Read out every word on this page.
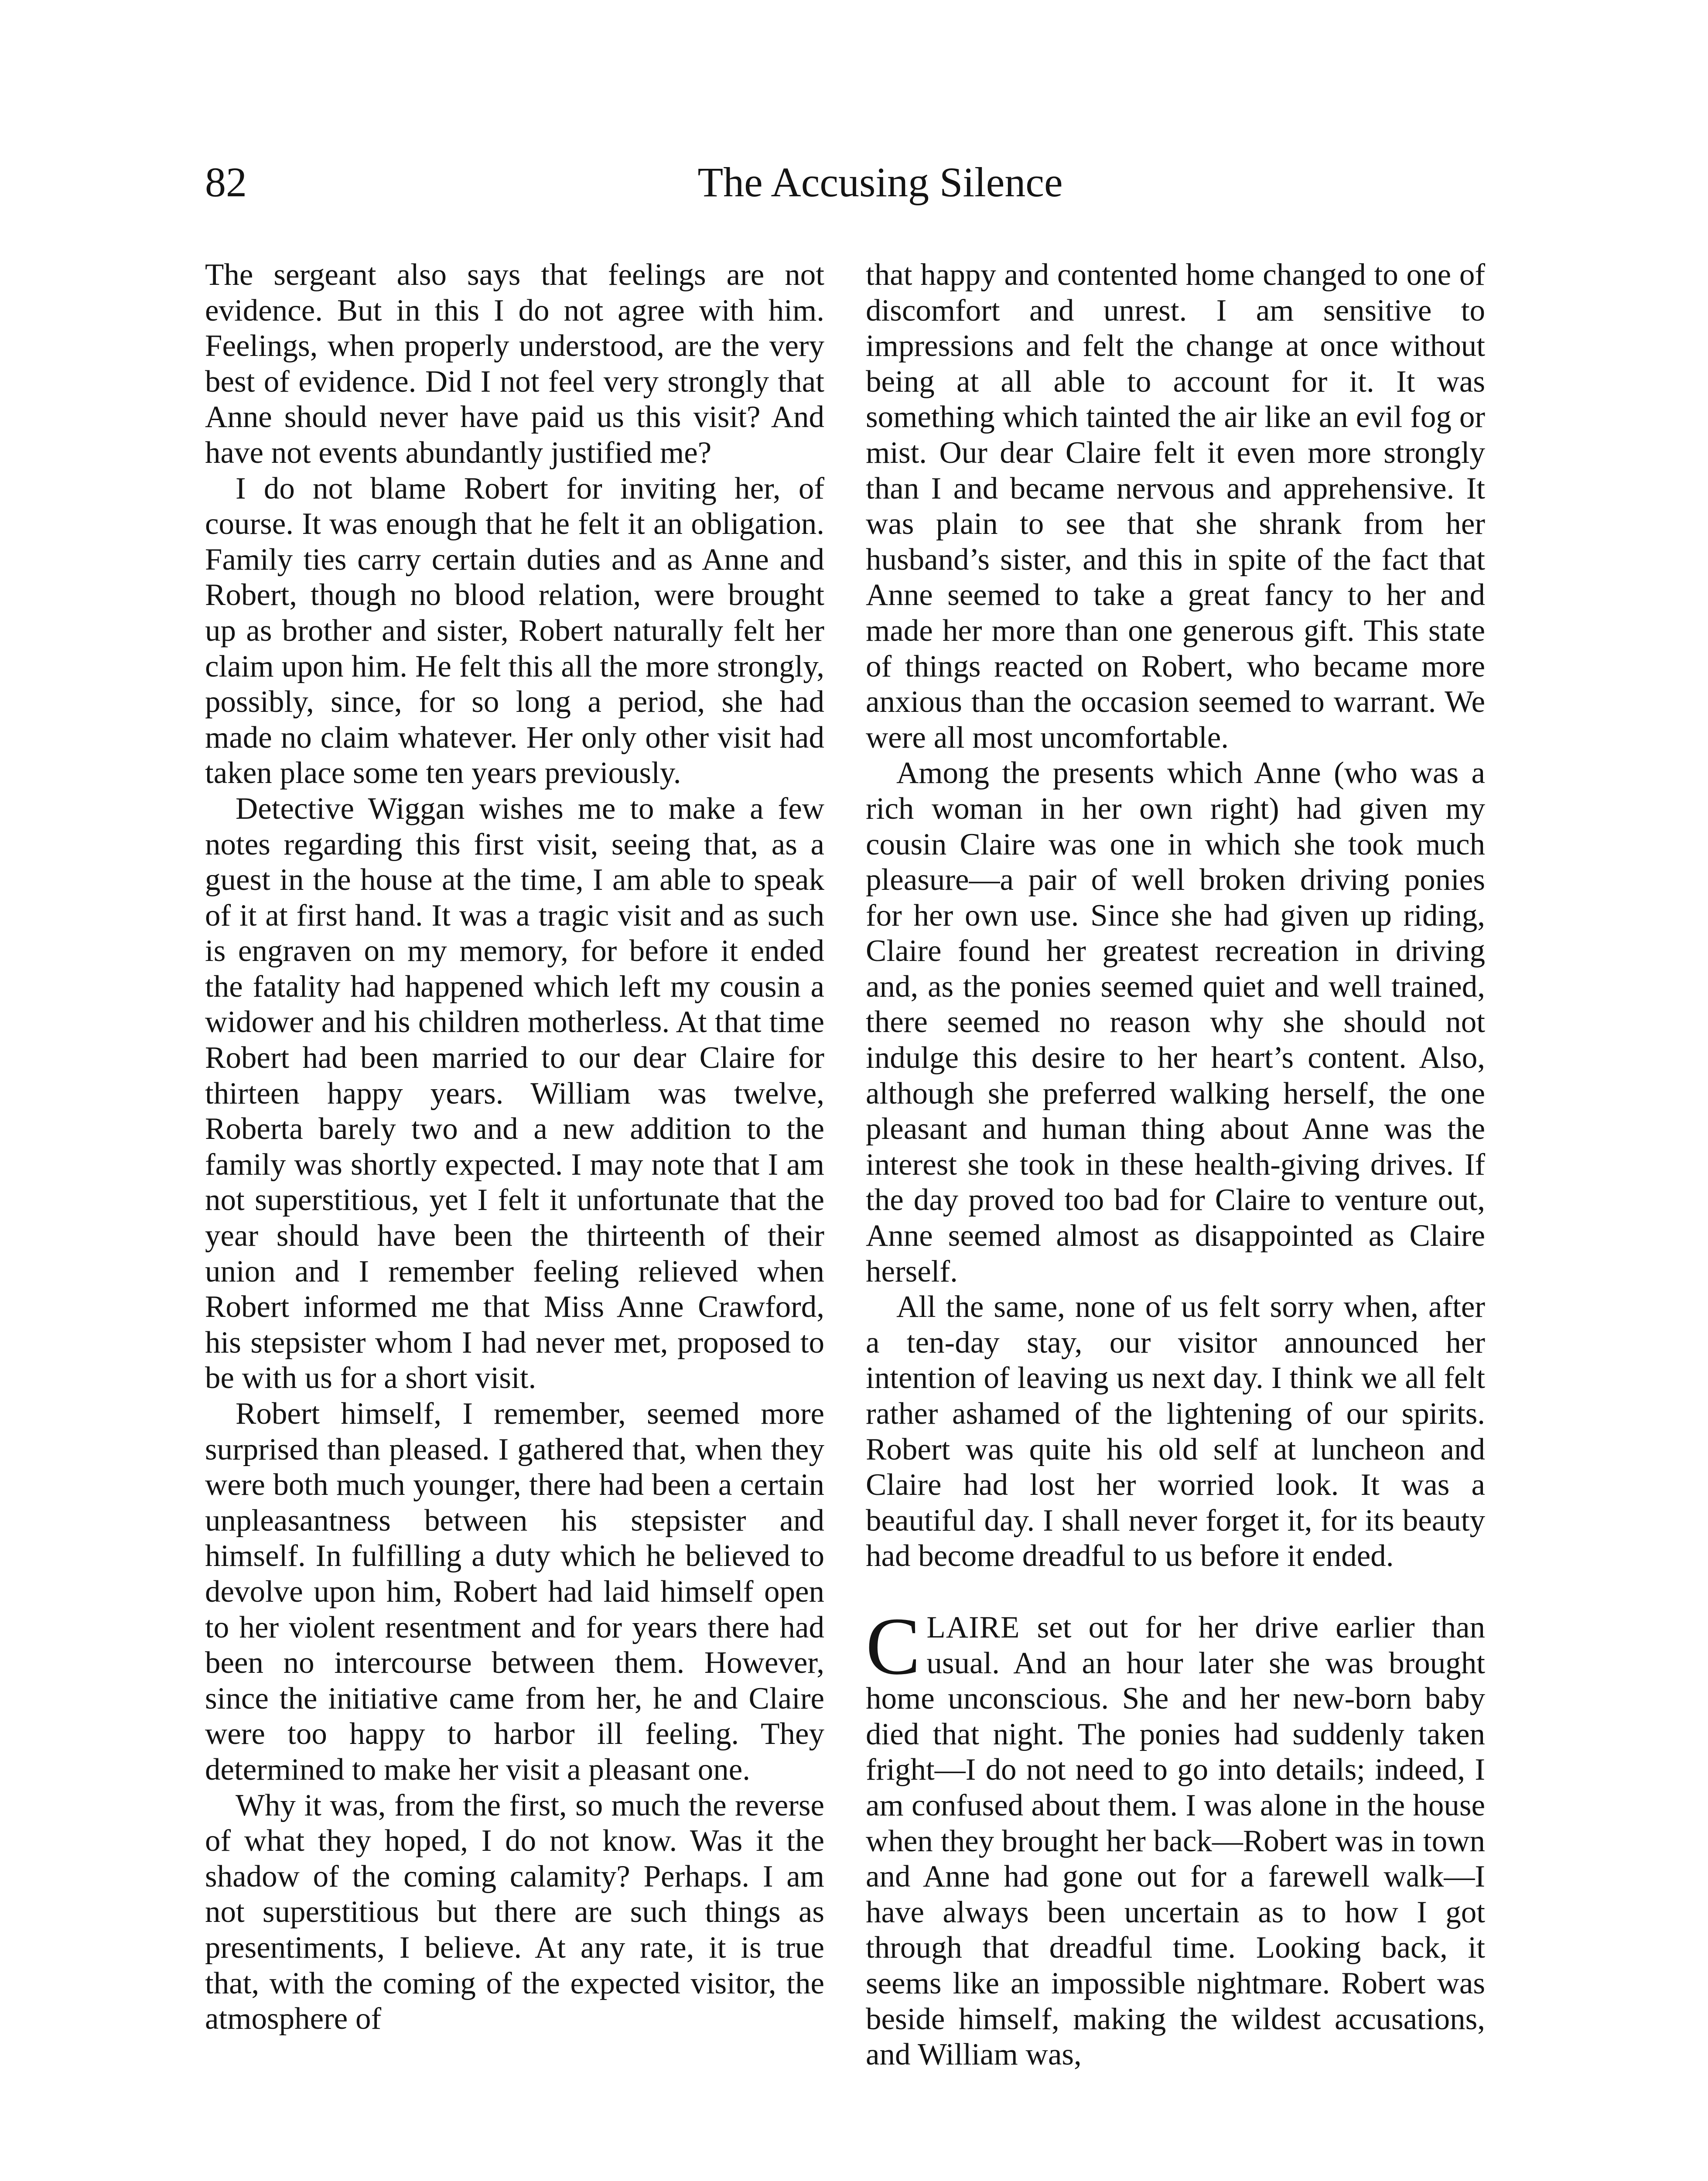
82	The Accusing Silence

The sergeant also says that feelings are not evidence. But in this I do not agree with him. Feelings, when properly understood, are the very best of evidence. Did I not feel very strongly that Anne should never have paid us this visit? And have not events abundantly justified me?

I do not blame Robert for inviting her, of course. It was enough that he felt it an obligation. Family ties carry certain duties and as Anne and Robert, though no blood relation, were brought up as brother and sister, Robert naturally felt her claim upon him. He felt this all the more strongly, possibly, since, for so long a period, she had made no claim whatever. Her only other visit had taken place some ten years previously.

Detective Wiggan wishes me to make a few notes regarding this first visit, seeing that, as a guest in the house at the time, I am able to speak of it at first hand. It was a tragic visit and as such is engraven on my memory, for before it ended the fatality had happened which left my cousin a widower and his children motherless. At that time Robert had been married to our dear Claire for thirteen happy years. William was twelve, Roberta barely two and a new addition to the family was shortly expected. I may note that I am not superstitious, yet I felt it unfortunate that the year should have been the thirteenth of their union and I remember feeling relieved when Robert informed me that Miss Anne Crawford, his stepsister whom I had never met, proposed to be with us for a short visit.

Robert himself, I remember, seemed more surprised than pleased. I gathered that, when they were both much younger, there had been a certain unpleasantness between his stepsister and himself. In fulfilling a duty which he believed to devolve upon him, Robert had laid himself open to her violent resentment and for years there had been no intercourse between them. However, since the initiative came from her, he and Claire were too happy to harbor ill feeling. They determined to make her visit a pleasant one.

Why it was, from the first, so much the reverse of what they hoped, I do not know. Was it the shadow of the coming calamity? Perhaps. I am not superstitious but there are such things as presentiments, I believe. At any rate, it is true that, with the coming of the expected visitor, the atmosphere of

that happy and contented home changed to one of discomfort and unrest. I am sensitive to impressions and felt the change at once without being at all able to account for it. It was something which tainted the air like an evil fog or mist. Our dear Claire felt it even more strongly than I and became nervous and apprehensive. It was plain to see that she shrank from her husband’s sister, and this in spite of the fact that Anne seemed to take a great fancy to her and made her more than one generous gift. This state of things reacted on Robert, who became more anxious than the occasion seemed to warrant. We were all most uncomfortable.

Among the presents which Anne (who was a rich woman in her own right) had given my cousin Claire was one in which she took much pleasure—a pair of well broken driving ponies for her own use. Since she had given up riding, Claire found her greatest recreation in driving and, as the ponies seemed quiet and well trained, there seemed no reason why she should not indulge this desire to her heart’s content. Also, although she preferred walking herself, the one pleasant and human thing about Anne was the interest she took in these health-giving drives. If the day proved too bad for Claire to venture out, Anne seemed almost as disappointed as Claire herself.

All the same, none of us felt sorry when, after a ten-day stay, our visitor announced her intention of leaving us next day. I think we all felt rather ashamed of the lightening of our spirits. Robert was quite his old self at luncheon and Claire had lost her worried look. It was a beautiful day. I shall never forget it, for its beauty had become dreadful to us before it ended.

CLAIRE set out for her drive earlier than usual. And an hour later she was brought home unconscious. She and her new-born baby died that night. The ponies had suddenly taken fright—I do not need to go into details; indeed, I am confused about them. I was alone in the house when they brought her back—Robert was in town and Anne had gone out for a farewell walk—I have always been uncertain as to how I got through that dreadful time. Looking back, it seems like an impossible nightmare. Robert was beside himself, making the wildest accusations, and William was,
